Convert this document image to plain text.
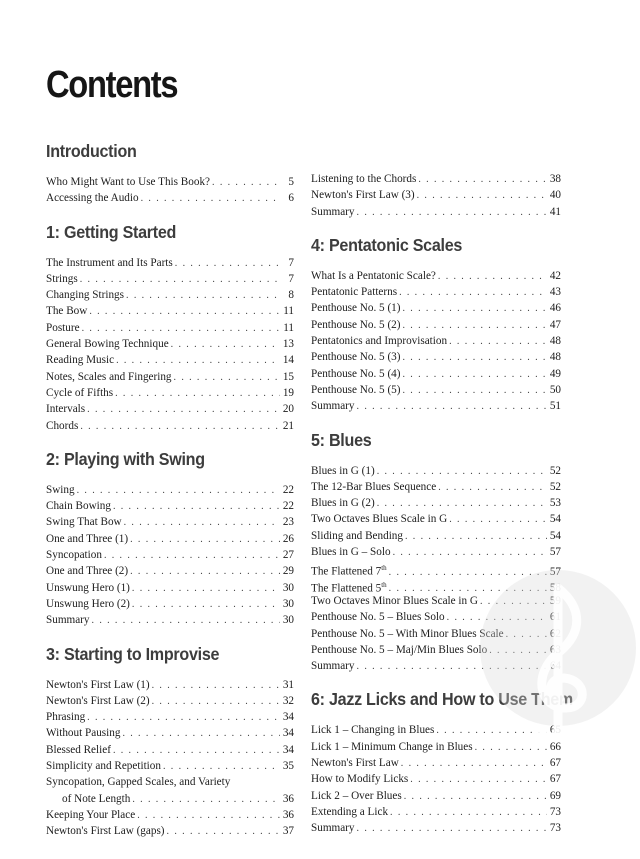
Contents
Introduction
Who Might Want to Use This Book? . . .	5
Accessing the Audio . . .	6
1: Getting Started
The Instrument and Its Parts . . .	7
Strings . . .	7
Changing Strings . . .	8
The Bow . . .	11
Posture . . .	11
General Bowing Technique . . .	13
Reading Music . . .	14
Notes, Scales and Fingering . . .	15
Cycle of Fifths . . .	19
Intervals . . .	20
Chords . . .	21
2: Playing with Swing
Swing . . .	22
Chain Bowing . . .	22
Swing That Bow . . .	23
One and Three (1) . . .	26
Syncopation . . .	27
One and Three (2) . . .	29
Unswung Hero (1) . . .	30
Unswung Hero (2) . . .	30
Summary . . .	30
3: Starting to Improvise
Newton's First Law (1) . . .	31
Newton's First Law (2) . . .	32
Phrasing . . .	34
Without Pausing . . .	34
Blessed Relief . . .	34
Simplicity and Repetition . . .	35
Syncopation, Gapped Scales, and Variety
of Note Length . . .	36
Keeping Your Place . . .	36
Newton's First Law (gaps) . . .	37
Listening to the Chords . . .	38
Newton's First Law (3) . . .	40
Summary . . .	41
4: Pentatonic Scales
What Is a Pentatonic Scale? . . .	42
Pentatonic Patterns . . .	43
Penthouse No. 5 (1) . . .	46
Penthouse No. 5 (2) . . .	47
Pentatonics and Improvisation . . .	48
Penthouse No. 5 (3) . . .	48
Penthouse No. 5 (4) . . .	49
Penthouse No. 5 (5) . . .	50
Summary . . .	51
5: Blues
Blues in G (1) . . .	52
The 12-Bar Blues Sequence . . .	52
Blues in G (2) . . .	53
Two Octaves Blues Scale in G . . .	54
Sliding and Bending . . .	54
Blues in G – Solo . . .	57
The Flattened 7th . . .	57
The Flattened 5th . . .	58
Two Octaves Minor Blues Scale in G . . .	59
Penthouse No. 5 – Blues Solo . . .	61
Penthouse No. 5 – With Minor Blues Scale . . .	62
Penthouse No. 5 – Maj/Min Blues Solo . . .	63
Summary . . .	64
6: Jazz Licks and How to Use Them
Lick 1 – Changing in Blues . . .	65
Lick 1 – Minimum Change in Blues . . .	66
Newton's First Law . . .	67
How to Modify Licks . . .	67
Lick 2 – Over Blues . . .	69
Extending a Lick . . .	73
Summary . . .	73
